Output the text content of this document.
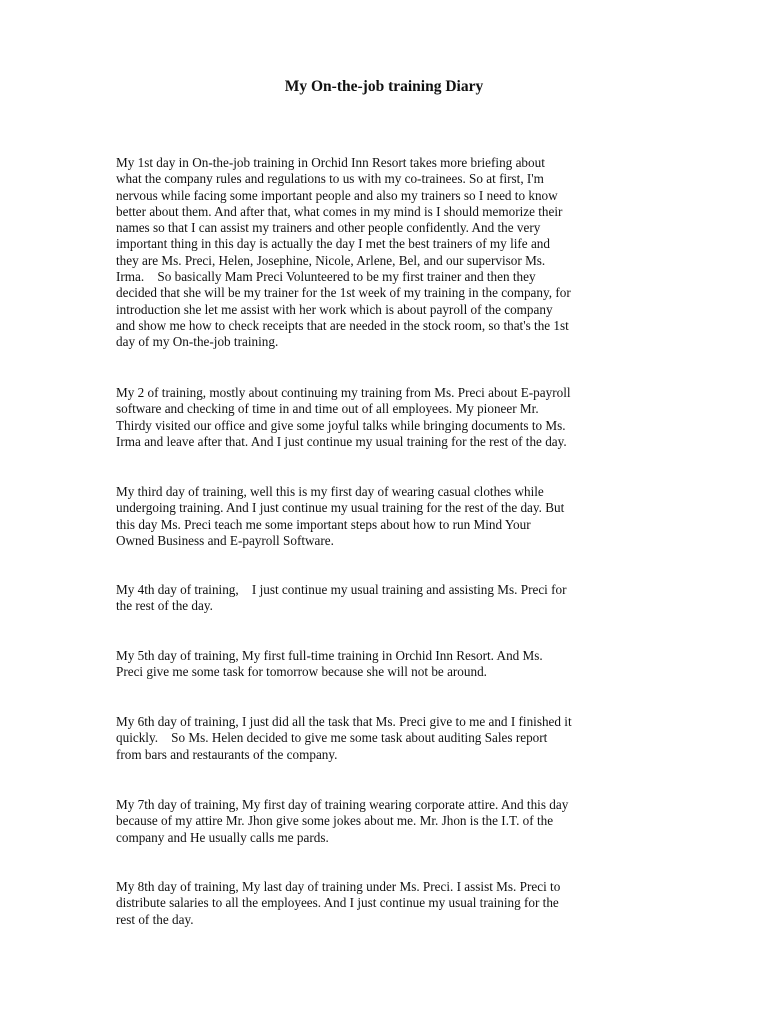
My On-the-job training Diary

My 1st day in On-the-job training in Orchid Inn Resort takes more briefing about
what the company rules and regulations to us with my co-trainees. So at first, I'm
nervous while facing some important people and also my trainers so I need to know
better about them. And after that, what comes in my mind is I should memorize their
names so that I can assist my trainers and other people confidently. And the very
important thing in this day is actually the day I met the best trainers of my life and
they are Ms. Preci, Helen, Josephine, Nicole, Arlene, Bel, and our supervisor Ms.
Irma.    So basically Mam Preci Volunteered to be my first trainer and then they
decided that she will be my trainer for the 1st week of my training in the company, for
introduction she let me assist with her work which is about payroll of the company
and show me how to check receipts that are needed in the stock room, so that's the 1st
day of my On-the-job training.

My 2 of training, mostly about continuing my training from Ms. Preci about E-payroll
software and checking of time in and time out of all employees. My pioneer Mr.
Thirdy visited our office and give some joyful talks while bringing documents to Ms.
Irma and leave after that. And I just continue my usual training for the rest of the day.

My third day of training, well this is my first day of wearing casual clothes while
undergoing training. And I just continue my usual training for the rest of the day. But
this day Ms. Preci teach me some important steps about how to run Mind Your
Owned Business and E-payroll Software.

My 4th day of training,    I just continue my usual training and assisting Ms. Preci for
the rest of the day.

My 5th day of training, My first full-time training in Orchid Inn Resort. And Ms.
Preci give me some task for tomorrow because she will not be around.

My 6th day of training, I just did all the task that Ms. Preci give to me and I finished it
quickly.    So Ms. Helen decided to give me some task about auditing Sales report
from bars and restaurants of the company.

My 7th day of training, My first day of training wearing corporate attire. And this day
because of my attire Mr. Jhon give some jokes about me. Mr. Jhon is the I.T. of the
company and He usually calls me pards.

My 8th day of training, My last day of training under Ms. Preci. I assist Ms. Preci to
distribute salaries to all the employees. And I just continue my usual training for the
rest of the day.
